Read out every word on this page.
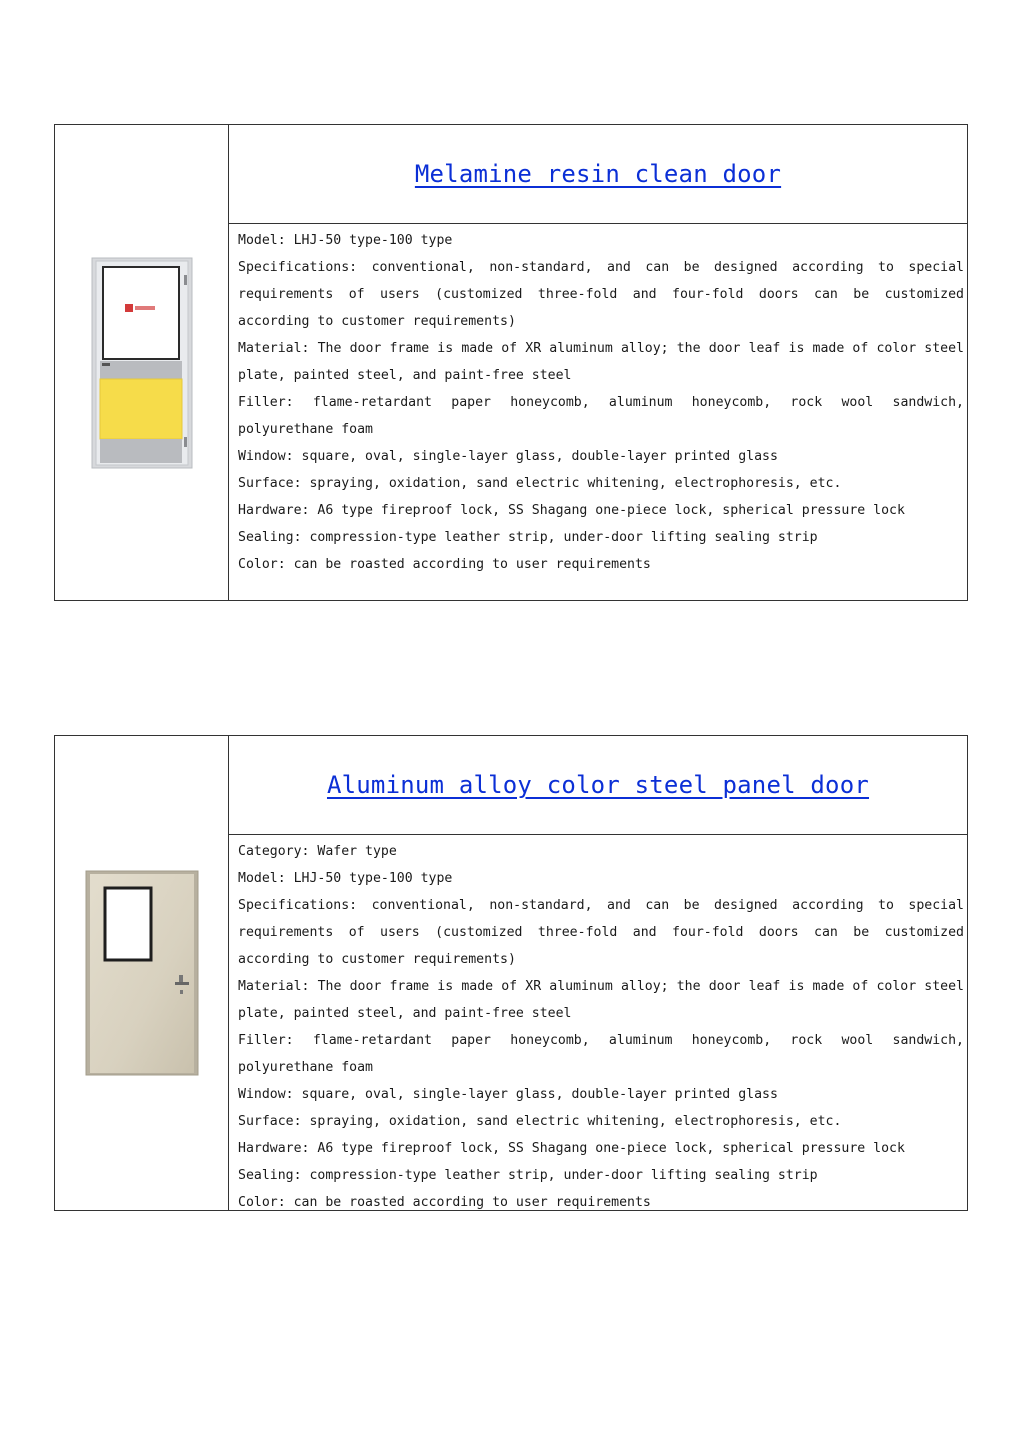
Melamine resin clean door

Model: LHJ-50 type-100 type

Specifications: conventional, non-standard, and can be designed according to special requirements of users (customized three-fold and four-fold doors can be customized according to customer requirements)

Material: The door frame is made of XR aluminum alloy; the door leaf is made of color steel plate, painted steel, and paint-free steel

Filler: flame-retardant paper honeycomb, aluminum honeycomb, rock wool sandwich, polyurethane foam

Window: square, oval, single-layer glass, double-layer printed glass

Surface: spraying, oxidation, sand electric whitening, electrophoresis, etc.

Hardware: A6 type fireproof lock, SS Shagang one-piece lock, spherical pressure lock

Sealing: compression-type leather strip, under-door lifting sealing strip

Color: can be roasted according to user requirements

Aluminum alloy color steel panel door

Category: Wafer type

Model: LHJ-50 type-100 type

Specifications: conventional, non-standard, and can be designed according to special requirements of users (customized three-fold and four-fold doors can be customized according to customer requirements)

Material: The door frame is made of XR aluminum alloy; the door leaf is made of color steel plate, painted steel, and paint-free steel

Filler: flame-retardant paper honeycomb, aluminum honeycomb, rock wool sandwich, polyurethane foam

Window: square, oval, single-layer glass, double-layer printed glass

Surface: spraying, oxidation, sand electric whitening, electrophoresis, etc.

Hardware: A6 type fireproof lock, SS Shagang one-piece lock, spherical pressure lock

Sealing: compression-type leather strip, under-door lifting sealing strip

Color: can be roasted according to user requirements
